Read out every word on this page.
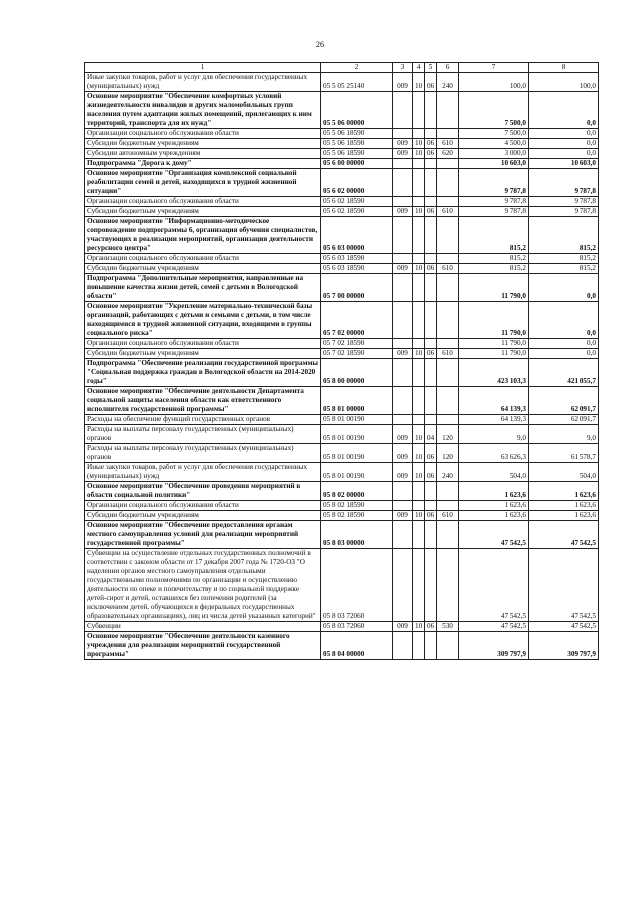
26
1	2	3	4	5	6	7	8
Иные закупки товаров, работ и услуг для обеспечения государственных (муниципальных) нужд	05 5 05 25140	009	10	06	240	100,0	100,0
Основное мероприятие "Обеспечение комфортных условий жизнедеятельности инвалидов и других маломобильных групп населения путем адаптации жилых помещений, прилегающих к ним территорий, транспорта для их нужд"	05 5 06 00000					7 500,0	0,0
Организации социального обслуживания области	05 5 06 18590					7 500,0	0,0
Субсидии бюджетным учреждениям	05 5 06 18590	009	10	06	610	4 500,0	0,0
Субсидии автономным учреждениям	05 5 06 18590	009	10	06	620	3 000,0	0,0
Подпрограмма "Дорога к дому"	05 6 00 00000					10 603,0	10 603,0
Основное мероприятие "Организация комплексной социальной реабилитации семей и детей, находящихся в трудной жизненной ситуации"	05 6 02 00000					9 787,8	9 787,8
Организации социального обслуживания области	05 6 02 18590					9 787,8	9 787,8
Субсидии бюджетным учреждениям	05 6 02 18590	009	10	06	610	9 787,8	9 787,8
Основное мероприятие "Информационно-методическое сопровождение подпрограммы 6, организация обучения специалистов, участвующих в реализации мероприятий, организация деятельности ресурсного центра"	05 6 03 00000					815,2	815,2
Организации социального обслуживания области	05 6 03 18590					815,2	815,2
Субсидии бюджетным учреждениям	05 6 03 18590	009	10	06	610	815,2	815,2
Подпрограмма "Дополнительные мероприятия, направленные на повышение качества жизни детей, семей с детьми в Вологодской области"	05 7 00 00000					11 790,0	0,0
Основное мероприятие "Укрепление материально-технической базы организаций, работающих с детьми и семьями с детьми, в том числе находящимися в трудной жизненной ситуации, входящими в группы социального риска"	05 7 02 00000					11 790,0	0,0
Организации социального обслуживания области	05 7 02 18590					11 790,0	0,0
Субсидии бюджетным учреждениям	05 7 02 18590	009	10	06	610	11 790,0	0,0
Подпрограмма "Обеспечение реализации государственной программы "Социальная поддержка граждан в Вологодской области на 2014-2020 годы"	05 8 00 00000					423 103,3	421 055,7
Основное мероприятие "Обеспечение деятельности Департамента социальной защиты населения области как ответственного исполнителя государственной программы"	05 8 01 00000					64 139,3	62 091,7
Расходы на обеспечение функций государственных органов	05 8 01 00190					64 139,3	62 091,7
Расходы на выплаты персоналу государственных (муниципальных) органов	05 8 01 00190	009	10	04	120	9,0	9,0
Расходы на выплаты персоналу государственных (муниципальных) органов	05 8 01 00190	009	10	06	120	63 626,3	61 578,7
Иные закупки товаров, работ и услуг для обеспечения государственных (муниципальных) нужд	05 8 01 00190	009	10	06	240	504,0	504,0
Основное мероприятие "Обеспечение проведения мероприятий в области социальной политики"	05 8 02 00000					1 623,6	1 623,6
Организации социального обслуживания области	05 8 02 18590					1 623,6	1 623,6
Субсидии бюджетным учреждениям	05 8 02 18590	009	10	06	610	1 623,6	1 623,6
Основное мероприятие "Обеспечение предоставления органам местного самоуправления условий для реализации мероприятий государственной программы"	05 8 03 00000					47 542,5	47 542,5
Субвенции на осуществление отдельных государственных полномочий в соответствии с законом области от 17 декабря 2007 года № 1720-ОЗ "О наделении органов местного самоуправления отдельными государственными полномочиями по организации и осуществлению деятельности по опеке и попечительству и по социальной поддержке детей-сирот и детей, оставшихся без попечения родителей (за исключением детей, обучающихся в федеральных государственных образовательных организациях), лиц из числа детей указанных категорий"	05 8 03 72060					47 542,5	47 542,5
Субвенции	05 8 03 72060	009	10	06	530	47 542,5	47 542,5
Основное мероприятие "Обеспечение деятельности казенного учреждения для реализации мероприятий государственной программы"	05 8 04 00000					309 797,9	309 797,9
